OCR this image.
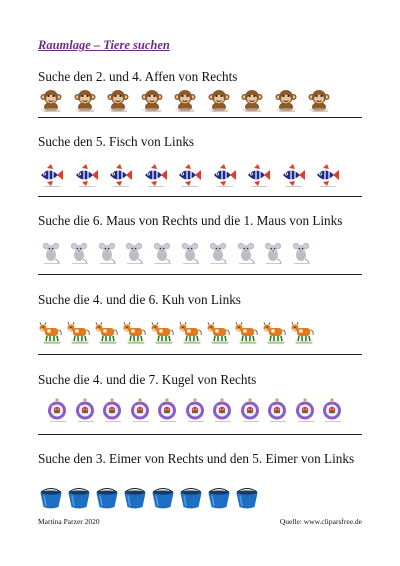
Raumlage – Tiere suchen
Suche den 2. und 4. Affen von Rechts
Suche den 5. Fisch von Links
Suche die 6. Maus von Rechts und die 1. Maus von Links
Suche die 4. und die 6. Kuh von Links
Suche die 4. und die 7. Kugel von Rechts
Suche den 3. Eimer von Rechts und den 5. Eimer von Links
Martina Parzer 2020	Quelle: www.cliparsfree.de
